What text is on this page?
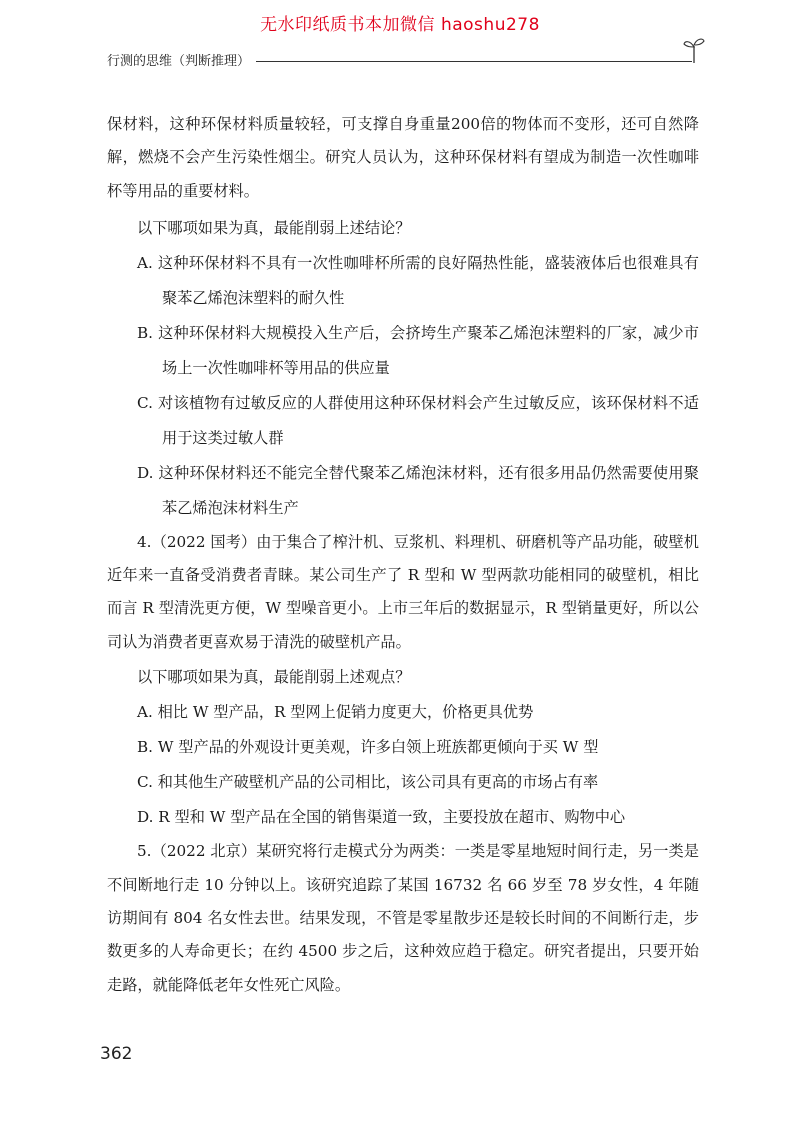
无水印纸质书本加微信 haoshu278
行测的思维（判断推理）

保材料，这种环保材料质量较轻，可支撑自身重量200倍的物体而不变形，还可自然降解，燃烧不会产生污染性烟尘。研究人员认为，这种环保材料有望成为制造一次性咖啡杯等用品的重要材料。

以下哪项如果为真，最能削弱上述结论？

A. 这种环保材料不具有一次性咖啡杯所需的良好隔热性能，盛装液体后也很难具有聚苯乙烯泡沫塑料的耐久性

B. 这种环保材料大规模投入生产后，会挤垮生产聚苯乙烯泡沫塑料的厂家，减少市场上一次性咖啡杯等用品的供应量

C. 对该植物有过敏反应的人群使用这种环保材料会产生过敏反应，该环保材料不适用于这类过敏人群

D. 这种环保材料还不能完全替代聚苯乙烯泡沫材料，还有很多用品仍然需要使用聚苯乙烯泡沫材料生产

4.（2022 国考）由于集合了榨汁机、豆浆机、料理机、研磨机等产品功能，破壁机近年来一直备受消费者青睐。某公司生产了 R 型和 W 型两款功能相同的破壁机，相比而言 R 型清洗更方便，W 型噪音更小。上市三年后的数据显示，R 型销量更好，所以公司认为消费者更喜欢易于清洗的破壁机产品。

以下哪项如果为真，最能削弱上述观点？

A. 相比 W 型产品，R 型网上促销力度更大，价格更具优势

B. W 型产品的外观设计更美观，许多白领上班族都更倾向于买 W 型

C. 和其他生产破壁机产品的公司相比，该公司具有更高的市场占有率

D. R 型和 W 型产品在全国的销售渠道一致，主要投放在超市、购物中心

5.（2022 北京）某研究将行走模式分为两类：一类是零星地短时间行走，另一类是不间断地行走 10 分钟以上。该研究追踪了某国 16732 名 66 岁至 78 岁女性，4 年随访期间有 804 名女性去世。结果发现，不管是零星散步还是较长时间的不间断行走，步数更多的人寿命更长；在约 4500 步之后，这种效应趋于稳定。研究者提出，只要开始走路，就能降低老年女性死亡风险。

362
